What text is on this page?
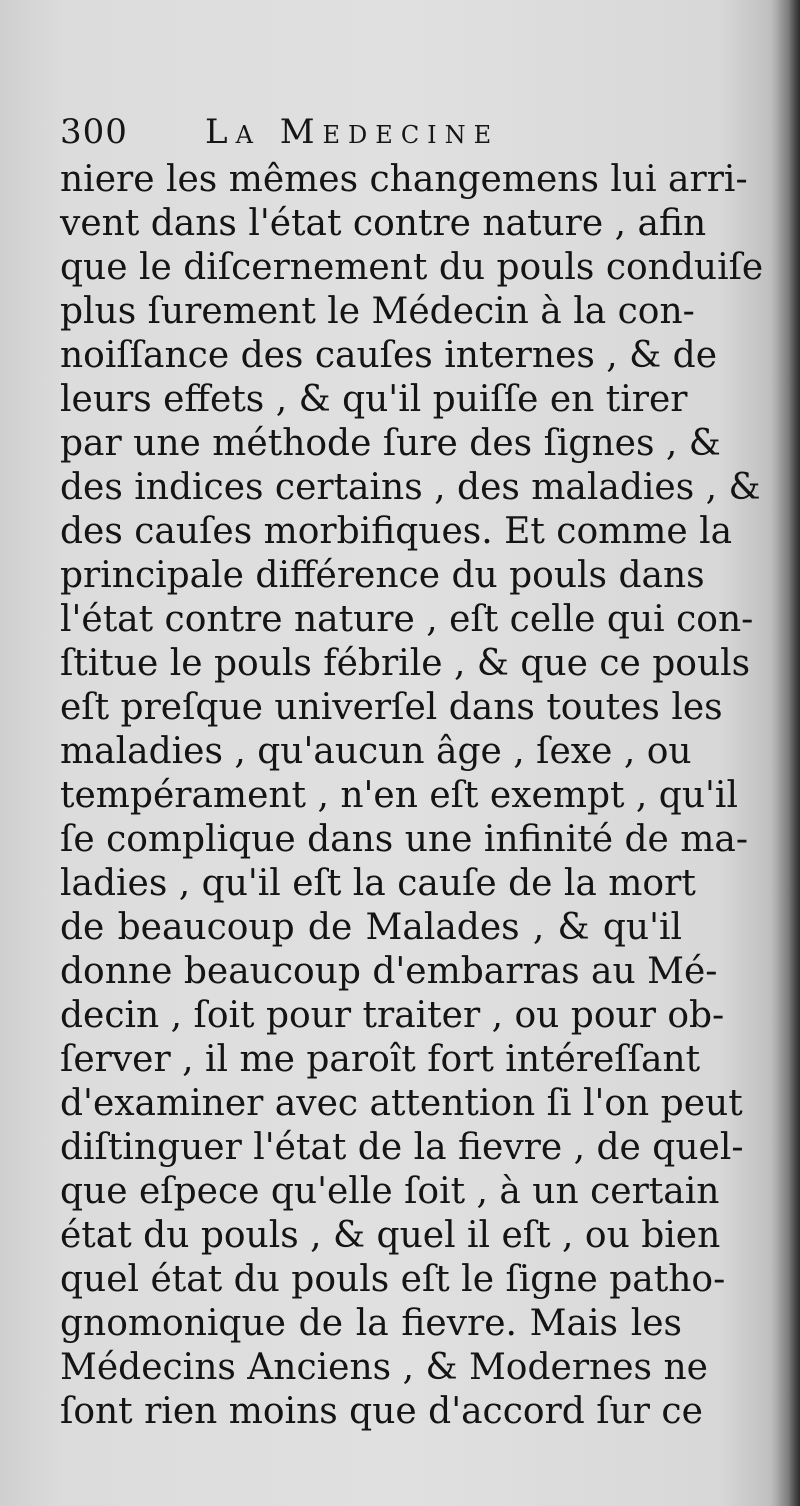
300 La Medecine
niere les mêmes changemens lui arri-
vent dans l'état contre nature , afin
que le diſcernement du pouls conduiſe
plus ſurement le Médecin à la con-
noiſſance des cauſes internes , & de
leurs effets , & qu'il puiſſe en tirer
par une méthode ſure des ſignes , &
des indices certains , des maladies , &
des cauſes morbifiques. Et comme la
principale différence du pouls dans
l'état contre nature , eſt celle qui con-
ſtitue le pouls fébrile , & que ce pouls
eſt preſque univerſel dans toutes les
maladies , qu'aucun âge , ſexe , ou
tempérament , n'en eſt exempt , qu'il
ſe complique dans une infinité de ma-
ladies , qu'il eſt la cauſe de la mort
de beaucoup de Malades , & qu'il
donne beaucoup d'embarras au Mé-
decin , ſoit pour traiter , ou pour ob-
ſerver , il me paroît fort intéreſſant
d'examiner avec attention ſi l'on peut
diſtinguer l'état de la fievre , de quel-
que eſpece qu'elle ſoit , à un certain
état du pouls , & quel il eſt , ou bien
quel état du pouls eſt le ſigne patho-
gnomonique de la fievre. Mais les
Médecins Anciens , & Modernes ne
ſont rien moins que d'accord ſur ce
